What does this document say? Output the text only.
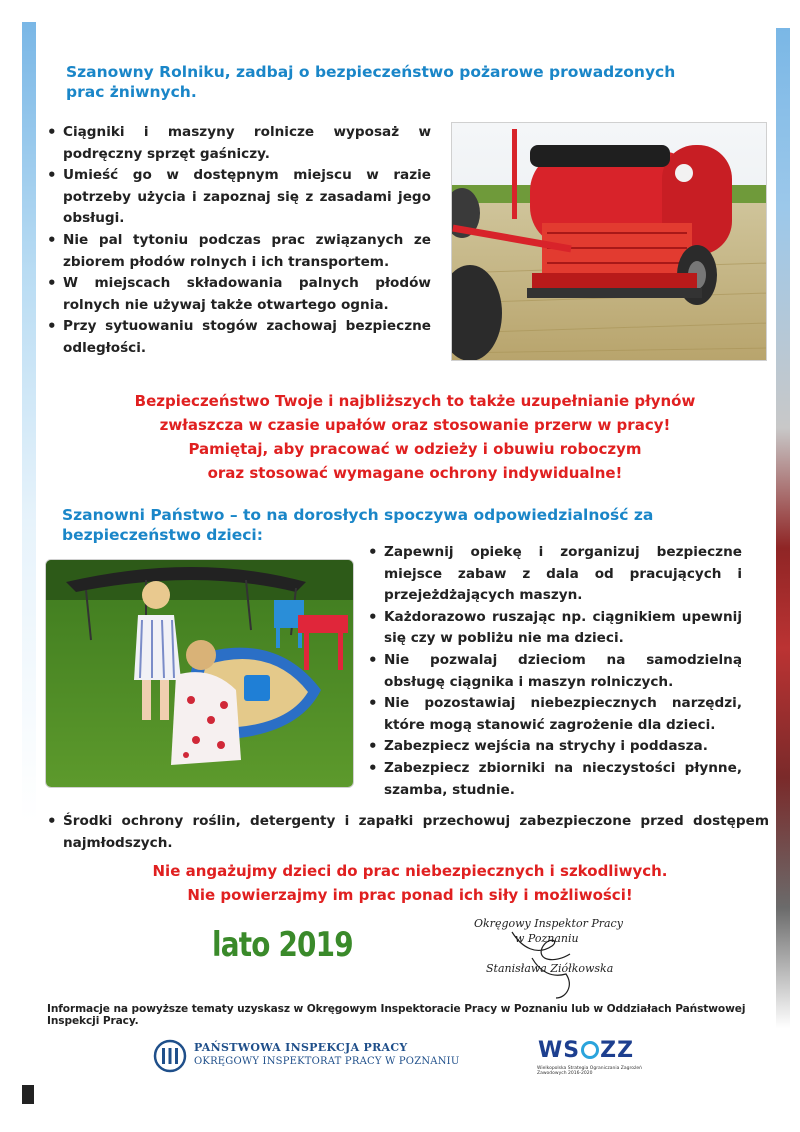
Szanowny Rolniku, zadbaj o bezpieczeństwo pożarowe prowadzonych prac żniwnych.
• Ciągniki i maszyny rolnicze wyposaż w podręczny sprzęt gaśniczy.
• Umieść go w dostępnym miejscu w razie potrzeby użycia i zapoznaj się z zasadami jego obsługi.
• Nie pal tytoniu podczas prac związanych ze zbiorem płodów rolnych i ich transportem.
• W miejscach składowania palnych płodów rolnych nie używaj także otwartego ognia.
• Przy sytuowaniu stogów zachowaj bezpieczne odległości.
Bezpieczeństwo Twoje i najbliższych to także uzupełnianie płynów
zwłaszcza w czasie upałów oraz stosowanie przerw w pracy!
Pamiętaj, aby pracować w odzieży i obuwiu roboczym
oraz stosować wymagane ochrony indywidualne!
Szanowni Państwo – to na dorosłych spoczywa odpowiedzialność za bezpieczeństwo dzieci:
• Zapewnij opiekę i zorganizuj bezpieczne miejsce zabaw z dala od pracujących i przejeżdżających maszyn.
• Każdorazowo ruszając np. ciągnikiem upewnij się czy w pobliżu nie ma dzieci.
• Nie pozwalaj dzieciom na samodzielną obsługę ciągnika i maszyn rolniczych.
• Nie pozostawiaj niebezpiecznych narzędzi, które mogą stanowić zagrożenie dla dzieci.
• Zabezpiecz wejścia na strychy i poddasza.
• Zabezpiecz zbiorniki na nieczystości płynne, szamba, studnie.
• Środki ochrony roślin, detergenty i zapałki przechowuj zabezpieczone przed dostępem najmłodszych.
Nie angażujmy dzieci do prac niebezpiecznych i szkodliwych.
Nie powierzajmy im prac ponad ich siły i możliwości!
lato 2019
Okręgowy Inspektor Pracy
w Poznaniu
Stanisława Ziółkowska
Informacje na powyższe tematy uzyskasz w Okręgowym Inspektoracie Pracy w Poznaniu lub w Oddziałach Państwowej Inspekcji Pracy.
PAŃSTWOWA INSPEKCJA PRACY
OKRĘGOWY INSPEKTORAT PRACY W POZNANIU	WS ZZ
Wielkopolska Strategia Ograniczania Zagrożeń Zawodowych 2016-2020
